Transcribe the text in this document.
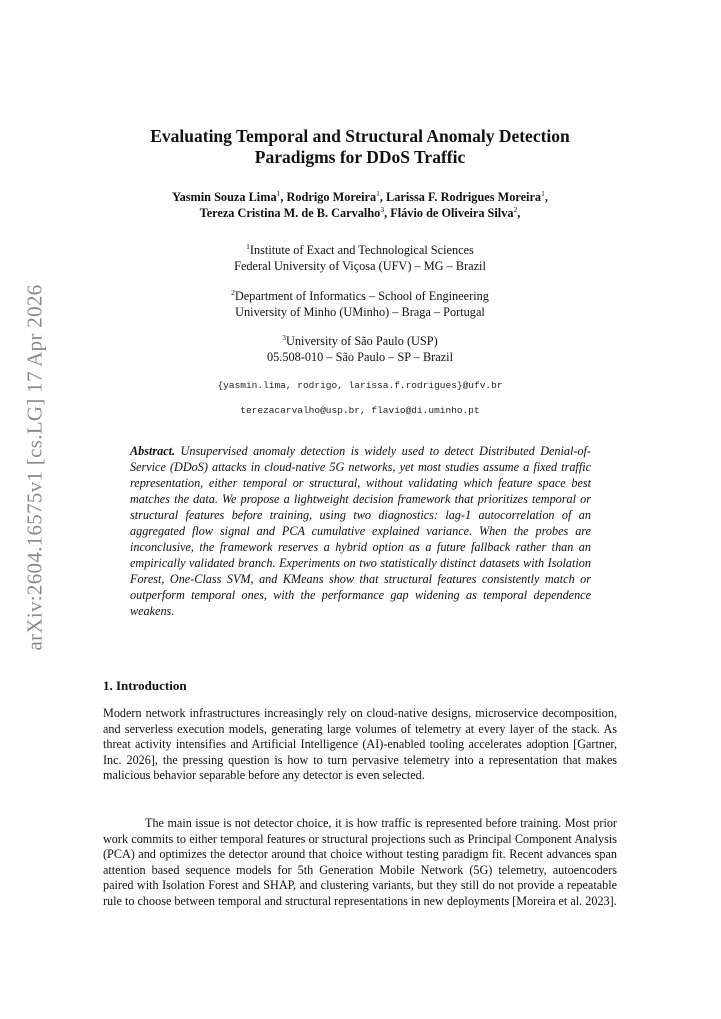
arXiv:2604.16575v1 [cs.LG] 17 Apr 2026
Evaluating Temporal and Structural Anomaly Detection
Paradigms for DDoS Traffic
Yasmin Souza Lima$^1$, Rodrigo Moreira$^1$, Larissa F. Rodrigues Moreira$^1$,
Tereza Cristina M. de B. Carvalho$^3$, Flávio de Oliveira Silva$^2$,
$^1$Institute of Exact and Technological Sciences
Federal University of Viçosa (UFV) – MG – Brazil
$^2$Department of Informatics – School of Engineering
University of Minho (UMinho) – Braga – Portugal
$^3$University of São Paulo (USP)
05.508-010 – São Paulo – SP – Brazil
{yasmin.lima, rodrigo, larissa.f.rodrigues}@ufv.br
terezacarvalho@usp.br, flavio@di.uminho.pt
Abstract. Unsupervised anomaly detection is widely used to detect Distributed Denial-of-Service (DDoS) attacks in cloud-native 5G networks, yet most studies assume a fixed traffic representation, either temporal or structural, without validating which feature space best matches the data. We propose a lightweight decision framework that prioritizes temporal or structural features before training, using two diagnostics: lag-1 autocorrelation of an aggregated flow signal and PCA cumulative explained variance. When the probes are inconclusive, the framework reserves a hybrid option as a future fallback rather than an empirically validated branch. Experiments on two statistically distinct datasets with Isolation Forest, One-Class SVM, and KMeans show that structural features consistently match or outperform temporal ones, with the performance gap widening as temporal dependence weakens.
1. Introduction
Modern network infrastructures increasingly rely on cloud-native designs, microservice decomposition, and serverless execution models, generating large volumes of telemetry at every layer of the stack. As threat activity intensifies and Artificial Intelligence (AI)-enabled tooling accelerates adoption [Gartner, Inc. 2026], the pressing question is how to turn pervasive telemetry into a representation that makes malicious behavior separable before any detector is even selected.
The main issue is not detector choice, it is how traffic is represented before training. Most prior work commits to either temporal features or structural projections such as Principal Component Analysis (PCA) and optimizes the detector around that choice without testing paradigm fit. Recent advances span attention based sequence models for 5th Generation Mobile Network (5G) telemetry, autoencoders paired with Isolation Forest and SHAP, and clustering variants, but they still do not provide a repeatable rule to choose between temporal and structural representations in new deployments [Moreira et al. 2023].
